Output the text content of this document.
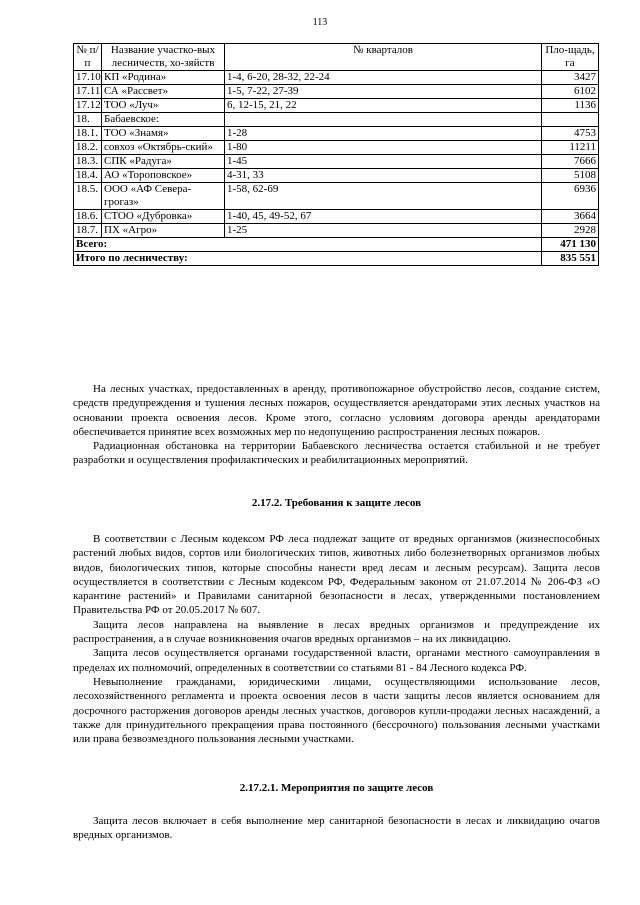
113
№ п/п	Название участко-вых лесничеств, хо-зяйств	№ кварталов	Пло-щадь, га
17.10	КП «Родина»	1-4, 6-20, 28-32, 22-24	3427
17.11	СА «Рассвет»	1-5, 7-22, 27-39	6102
17.12	ТОО «Луч»	6, 12-15, 21, 22	1136
18.	Бабаевское:		
18.1.	ТОО «Знамя»	1-28	4753
18.2.	совхоз «Октябрь-ский»	1-80	11211
18.3.	СПК «Радуга»	1-45	7666
18.4.	АО «Тороповское»	4-31, 33	5108
18.5.	ООО «АФ Севера-грогаз»	1-58, 62-69	6936
18.6.	СТОО «Дубровка»	1-40, 45, 49-52, 67	3664
18.7.	ПХ «Агро»	1-25	2928
Всего:			471 130
Итого по лесничеству:			835 551

На лесных участках, предоставленных в аренду, противопожарное обустройство лесов, создание систем, средств предупреждения и тушения лесных пожаров, осуществляется арендаторами этих лесных участков на основании проекта освоения лесов. Кроме этого, согласно условиям договора аренды арендаторами обеспечивается принятие всех возможных мер по недопущению распространения лесных пожаров.

Радиационная обстановка на территории Бабаевского лесничества остается стабильной и не требует разработки и осуществления профилактических и реабилитационных мероприятий.

2.17.2. Требования к защите лесов

В соответствии с Лесным кодексом РФ леса подлежат защите от вредных организмов (жизнеспособных растений любых видов, сортов или биологических типов, животных либо болезнетворных организмов любых видов, биологических типов, которые способны нанести вред лесам и лесным ресурсам). Защита лесов осуществляется в соответствии с Лесным кодексом РФ, Федеральным законом от 21.07.2014 № 206-ФЗ «О карантине растений» и Правилами санитарной безопасности в лесах, утвержденными постановлением Правительства РФ от 20.05.2017 № 607.

Защита лесов направлена на выявление в лесах вредных организмов и предупреждение их распространения, а в случае возникновения очагов вредных организмов – на их ликвидацию.

Защита лесов осуществляется органами государственной власти, органами местного самоуправления в пределах их полномочий, определенных в соответствии со статьями 81 - 84 Лесного кодекса РФ.

Невыполнение гражданами, юридическими лицами, осуществляющими использование лесов, лесохозяйственного регламента и проекта освоения лесов в части защиты лесов является основанием для досрочного расторжения договоров аренды лесных участков, договоров купли-продажи лесных насаждений, а также для принудительного прекращения права постоянного (бессрочного) пользования лесными участками или права безвозмездного пользования лесными участками.

2.17.2.1. Мероприятия по защите лесов

Защита лесов включает в себя выполнение мер санитарной безопасности в лесах и ликвидацию очагов вредных организмов.
